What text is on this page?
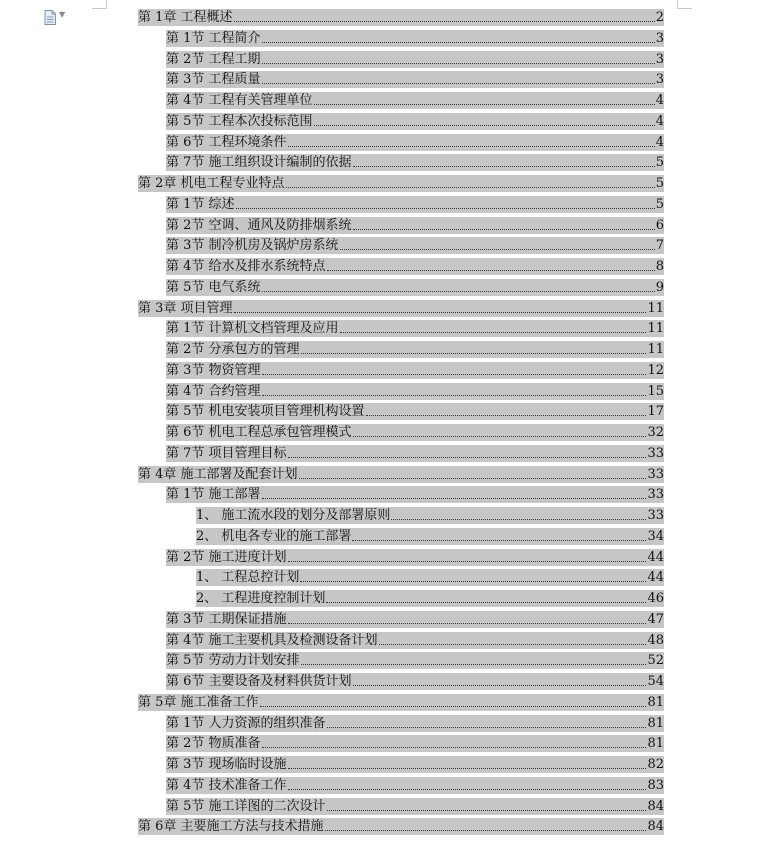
▼	第 1章 工程概述	2
第 1节 工程简介	3
第 2节 工程工期	3
第 3节 工程质量	3
第 4节 工程有关管理单位	4
第 5节 工程本次投标范围	4
第 6节 工程环境条件	4
第 7节 施工组织设计编制的依据	5
第 2章 机电工程专业特点	5
第 1节 综述	5
第 2节 空调、通风及防排烟系统	6
第 3节 制冷机房及锅炉房系统	7
第 4节 给水及排水系统特点	8
第 5节 电气系统	9
第 3章 项目管理	11
第 1节 计算机文档管理及应用	11
第 2节 分承包方的管理	11
第 3节 物资管理	12
第 4节 合约管理	15
第 5节 机电安装项目管理机构设置	17
第 6节 机电工程总承包管理模式	32
第 7节 项目管理目标	33
第 4章 施工部署及配套计划	33
第 1节 施工部署	33
1、 施工流水段的划分及部署原则	33
2、 机电各专业的施工部署	34
第 2节 施工进度计划	44
1、 工程总控计划	44
2、 工程进度控制计划	46
第 3节 工期保证措施	47
第 4节 施工主要机具及检测设备计划	48
第 5节 劳动力计划安排	52
第 6节 主要设备及材料供货计划	54
第 5章 施工准备工作	81
第 1节 人力资源的组织准备	81
第 2节 物质准备	81
第 3节 现场临时设施	82
第 4节 技术准备工作	83
第 5节 施工详图的二次设计	84
第 6章 主要施工方法与技术措施	84
